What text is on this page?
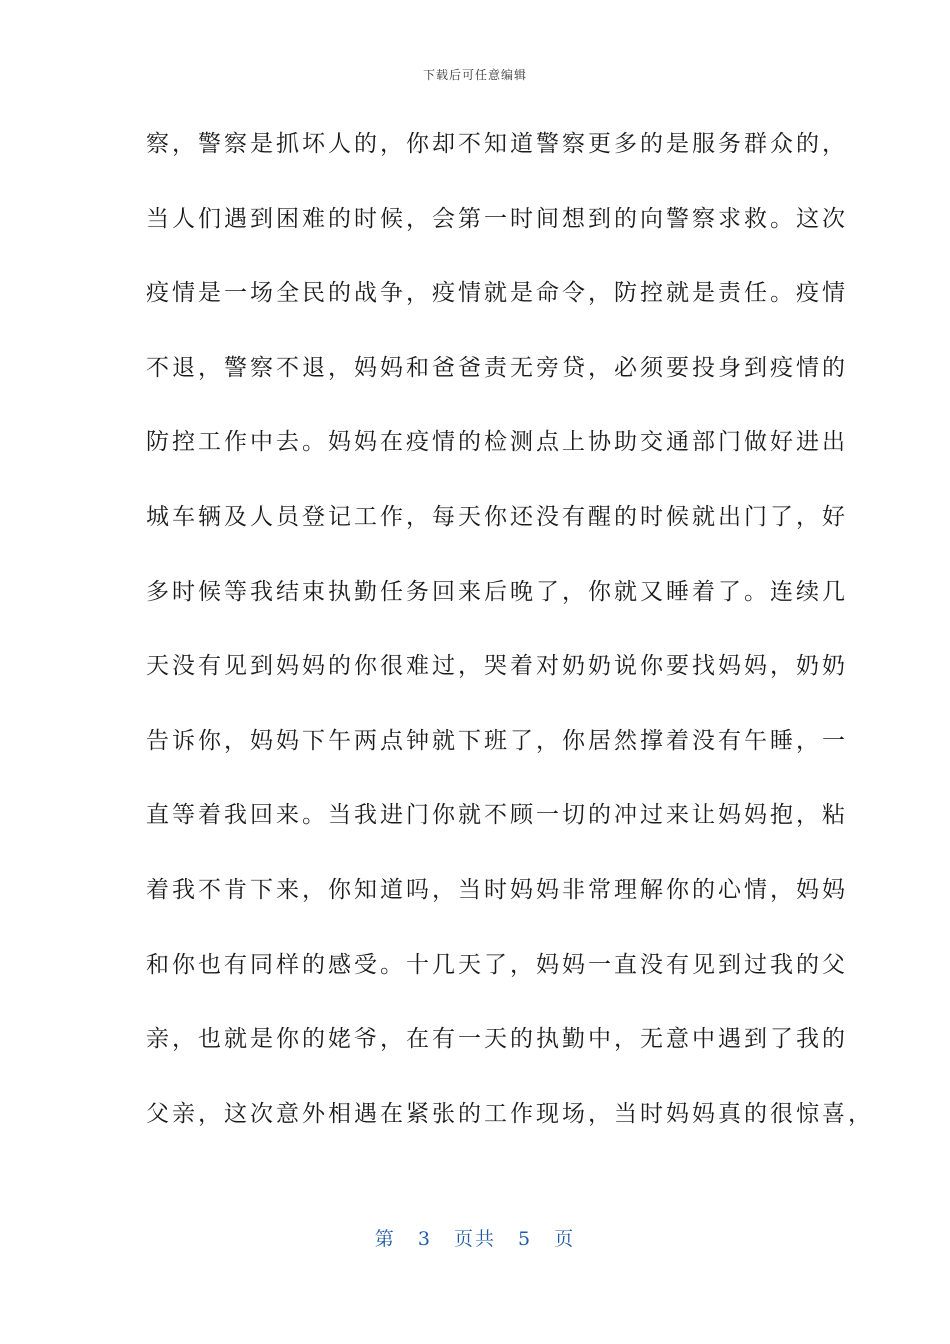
下载后可任意编辑
察，警察是抓坏人的，你却不知道警察更多的是服务群众的，
当人们遇到困难的时候，会第一时间想到的向警察求救。这次
疫情是一场全民的战争，疫情就是命令，防控就是责任。疫情
不退，警察不退，妈妈和爸爸责无旁贷，必须要投身到疫情的
防控工作中去。妈妈在疫情的检测点上协助交通部门做好进出
城车辆及人员登记工作，每天你还没有醒的时候就出门了，好
多时候等我结束执勤任务回来后晚了，你就又睡着了。连续几
天没有见到妈妈的你很难过，哭着对奶奶说你要找妈妈，奶奶
告诉你，妈妈下午两点钟就下班了，你居然撑着没有午睡，一
直等着我回来。当我进门你就不顾一切的冲过来让妈妈抱，粘
着我不肯下来，你知道吗，当时妈妈非常理解你的心情，妈妈
和你也有同样的感受。十几天了，妈妈一直没有见到过我的父
亲，也就是你的姥爷，在有一天的执勤中，无意中遇到了我的
父亲，这次意外相遇在紧张的工作现场，当时妈妈真的很惊喜，
第 3 页共 5 页
